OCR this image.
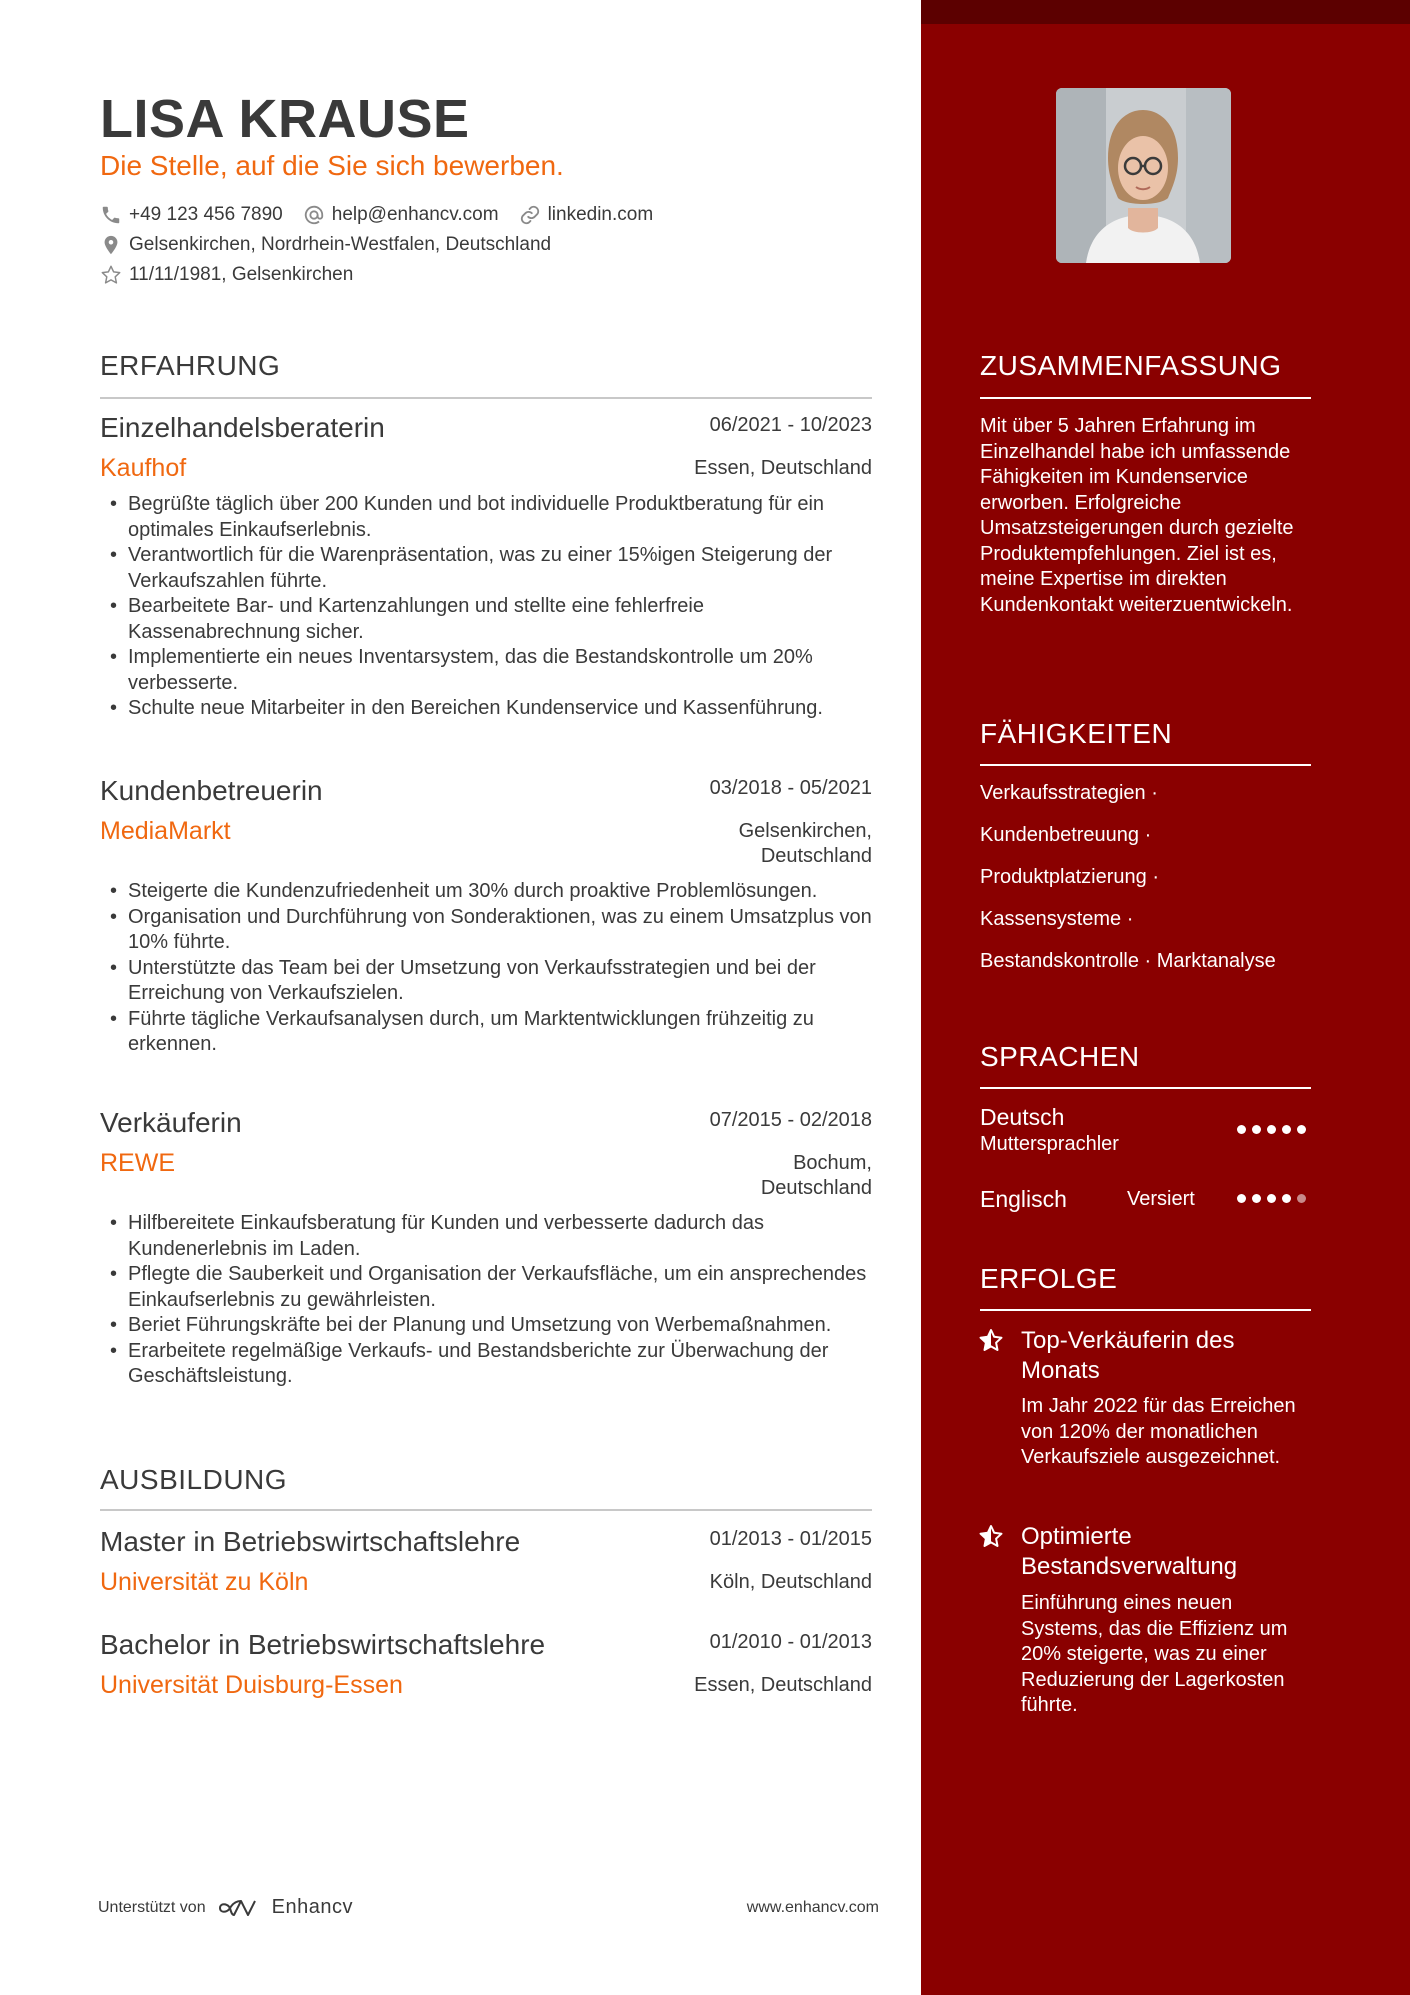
LISA KRAUSE
Die Stelle, auf die Sie sich bewerben.
+49 123 456 7890	help@enhancv.com	linkedin.com
Gelsenkirchen, Nordrhein-Westfalen, Deutschland
11/11/1981, Gelsenkirchen
ERFAHRUNG
Einzelhandelsberaterin	06/2021 - 10/2023
Kaufhof	Essen, Deutschland
• Begrüßte täglich über 200 Kunden und bot individuelle Produktberatung für ein optimales Einkaufserlebnis.
• Verantwortlich für die Warenpräsentation, was zu einer 15%igen Steigerung der Verkaufszahlen führte.
• Bearbeitete Bar- und Kartenzahlungen und stellte eine fehlerfreie Kassenabrechnung sicher.
• Implementierte ein neues Inventarsystem, das die Bestandskontrolle um 20% verbesserte.
• Schulte neue Mitarbeiter in den Bereichen Kundenservice und Kassenführung.
Kundenbetreuerin	03/2018 - 05/2021
MediaMarkt	Gelsenkirchen,
Deutschland
• Steigerte die Kundenzufriedenheit um 30% durch proaktive Problemlösungen.
• Organisation und Durchführung von Sonderaktionen, was zu einem Umsatzplus von 10% führte.
• Unterstützte das Team bei der Umsetzung von Verkaufsstrategien und bei der Erreichung von Verkaufszielen.
• Führte tägliche Verkaufsanalysen durch, um Marktentwicklungen frühzeitig zu erkennen.
Verkäuferin	07/2015 - 02/2018
REWE	Bochum,
Deutschland
• Hilfbereitete Einkaufsberatung für Kunden und verbesserte dadurch das Kundenerlebnis im Laden.
• Pflegte die Sauberkeit und Organisation der Verkaufsfläche, um ein ansprechendes Einkaufserlebnis zu gewährleisten.
• Beriet Führungskräfte bei der Planung und Umsetzung von Werbemaßnahmen.
• Erarbeitete regelmäßige Verkaufs- und Bestandsberichte zur Überwachung der Geschäftsleistung.
AUSBILDUNG
Master in Betriebswirtschaftslehre	01/2013 - 01/2015
Universität zu Köln	Köln, Deutschland
Bachelor in Betriebswirtschaftslehre	01/2010 - 01/2013
Universität Duisburg-Essen	Essen, Deutschland
Unterstützt von	Enhancv	www.enhancv.com
ZUSAMMENFASSUNG
Mit über 5 Jahren Erfahrung im Einzelhandel habe ich umfassende Fähigkeiten im Kundenservice erworben. Erfolgreiche Umsatzsteigerungen durch gezielte Produktempfehlungen. Ziel ist es, meine Expertise im direkten Kundenkontakt weiterzuentwickeln.
FÄHIGKEITEN
Verkaufsstrategien ·
Kundenbetreuung ·
Produktplatzierung ·
Kassensysteme ·
Bestandskontrolle · Marktanalyse
SPRACHEN
Deutsch
Muttersprachler
Englisch	Versiert
ERFOLGE
Top-Verkäuferin des Monats
Im Jahr 2022 für das Erreichen von 120% der monatlichen Verkaufsziele ausgezeichnet.
Optimierte Bestandsverwaltung
Einführung eines neuen Systems, das die Effizienz um 20% steigerte, was zu einer Reduzierung der Lagerkosten führte.
